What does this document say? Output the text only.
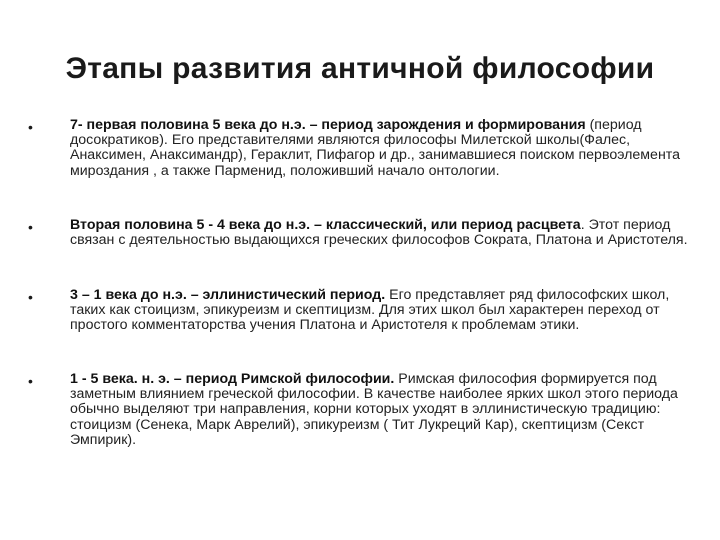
Этапы развития античной философии
•	7- первая половина 5 века до н.э. – период зарождения и формирования (период досократиков). Его представителями являются философы Милетской школы(Фалес, Анаксимен, Анаксимандр), Гераклит, Пифагор и др., занимавшиеся поиском первоэлемента мироздания , а также Парменид, положивший начало онтологии.
•	Вторая половина 5 - 4 века до н.э. – классический, или период расцвета. Этот период связан с деятельностью выдающихся греческих философов Сократа, Платона и Аристотеля.
•	3 – 1 века до н.э. – эллинистический период. Его представляет ряд философских школ, таких как стоицизм, эпикуреизм и скептицизм. Для этих школ был характерен переход от простого комментаторства учения Платона и Аристотеля к проблемам этики.
•	1 - 5 века. н. э. – период Римской философии. Римская философия формируется под заметным влиянием греческой философии. В качестве наиболее ярких школ этого периода обычно выделяют три направления, корни которых уходят в эллинистическую традицию: стоицизм (Сенека, Марк Аврелий), эпикуреизм ( Тит Лукреций Кар), скептицизм (Секст Эмпирик).
